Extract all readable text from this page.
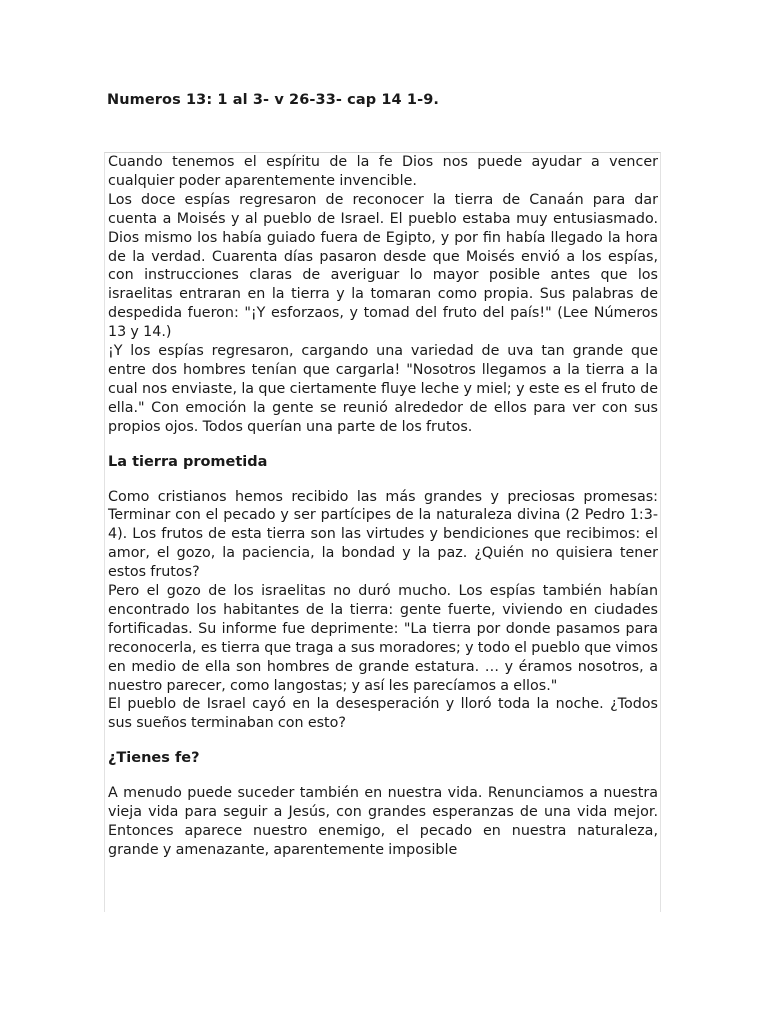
Numeros 13: 1 al 3- v 26-33- cap 14 1-9.

Cuando tenemos el espíritu de la fe Dios nos puede ayudar a vencer cualquier poder aparentemente invencible.

Los doce espías regresaron de reconocer la tierra de Canaán para dar cuenta a Moisés y al pueblo de Israel. El pueblo estaba muy entusiasmado. Dios mismo los había guiado fuera de Egipto, y por fin había llegado la hora de la verdad. Cuarenta días pasaron desde que Moisés envió a los espías, con instrucciones claras de averiguar lo mayor posible antes que los israelitas entraran en la tierra y la tomaran como propia. Sus palabras de despedida fueron: "¡Y esforzaos, y tomad del fruto del país!" (Lee Números 13 y 14.)

¡Y los espías regresaron, cargando una variedad de uva tan grande que entre dos hombres tenían que cargarla! "Nosotros llegamos a la tierra a la cual nos enviaste, la que ciertamente fluye leche y miel; y este es el fruto de ella." Con emoción la gente se reunió alrededor de ellos para ver con sus propios ojos. Todos querían una parte de los frutos.

La tierra prometida

Como cristianos hemos recibido las más grandes y preciosas promesas: Terminar con el pecado y ser partícipes de la naturaleza divina (2 Pedro 1:3-4). Los frutos de esta tierra son las virtudes y bendiciones que recibimos: el amor, el gozo, la paciencia, la bondad y la paz. ¿Quién no quisiera tener estos frutos?

Pero el gozo de los israelitas no duró mucho. Los espías también habían encontrado los habitantes de la tierra: gente fuerte, viviendo en ciudades fortificadas. Su informe fue deprimente: "La tierra por donde pasamos para reconocerla, es tierra que traga a sus moradores; y todo el pueblo que vimos en medio de ella son hombres de grande estatura. … y éramos nosotros, a nuestro parecer, como langostas; y así les parecíamos a ellos."

El pueblo de Israel cayó en la desesperación y lloró toda la noche. ¿Todos sus sueños terminaban con esto?

¿Tienes fe?

A menudo puede suceder también en nuestra vida. Renunciamos a nuestra vieja vida para seguir a Jesús, con grandes esperanzas de una vida mejor. Entonces aparece nuestro enemigo, el pecado en nuestra naturaleza, grande y amenazante, aparentemente imposible
